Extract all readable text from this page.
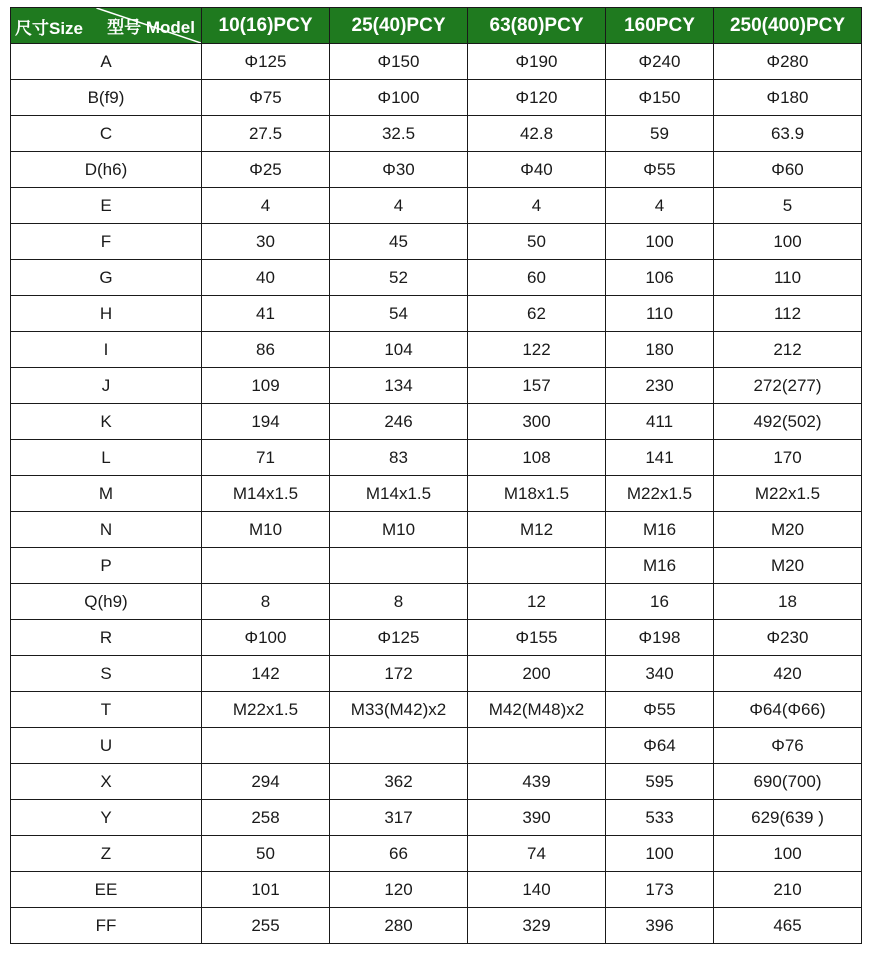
尺寸Size 型号 Model	10(16)PCY	25(40)PCY	63(80)PCY	160PCY	250(400)PCY
A	Φ125	Φ150	Φ190	Φ240	Φ280
B(f9)	Φ75	Φ100	Φ120	Φ150	Φ180
C	27.5	32.5	42.8	59	63.9
D(h6)	Φ25	Φ30	Φ40	Φ55	Φ60
E	4	4	4	4	5
F	30	45	50	100	100
G	40	52	60	106	110
H	41	54	62	110	112
I	86	104	122	180	212
J	109	134	157	230	272(277)
K	194	246	300	411	492(502)
L	71	83	108	141	170
M	M14x1.5	M14x1.5	M18x1.5	M22x1.5	M22x1.5
N	M10	M10	M12	M16	M20
P				M16	M20
Q(h9)	8	8	12	16	18
R	Φ100	Φ125	Φ155	Φ198	Φ230
S	142	172	200	340	420
T	M22x1.5	M33(M42)x2	M42(M48)x2	Φ55	Φ64(Φ66)
U				Φ64	Φ76
X	294	362	439	595	690(700)
Y	258	317	390	533	629(639 )
Z	50	66	74	100	100
EE	101	120	140	173	210
FF	255	280	329	396	465
